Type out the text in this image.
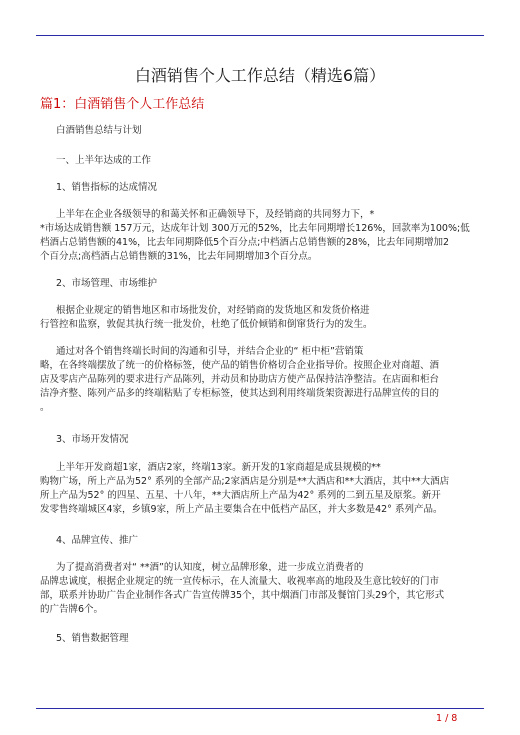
白酒销售个人工作总结（精选6篇）
篇1：白酒销售个人工作总结
白酒销售总结与计划
一、上半年达成的工作
1、销售指标的达成情况
上半年在企业各级领导的和蔼关怀和正确领导下，及经销商的共同努力下，*
*市场达成销售额 157万元，达成年计划 300万元的52%，比去年同期增长126%，回款率为100%;低
档酒占总销售额的41%，比去年同期降低5个百分点;中档酒占总销售额的28%，比去年同期增加2
个百分点;高档酒占总销售额的31%，比去年同期增加3个百分点。
2、市场管理、市场维护
根据企业规定的销售地区和市场批发价，对经销商的发货地区和发货价格进
行管控和监察，敦促其执行统一批发价，杜绝了低价倾销和倒窜货行为的发生。
通过对各个销售终端长时间的沟通和引导，并结合企业的“ 柜中柜”营销策
略，在各终端摆放了统一的价格标签，使产品的销售价格切合企业指导价。按照企业对商超、酒
店及零店产品陈列的要求进行产品陈列，并动员和协助店方使产品保持洁净整洁。在店面和柜台
洁净齐整、陈列产品多的终端粘贴了专柜标签，使其达到利用终端货架资源进行品牌宣传的目的
。
3、市场开发情况
上半年开发商超1家，酒店2家，终端13家。新开发的1家商超是成县规模的**
购物广场，所上产品为52° 系列的全部产品;2家酒店是分别是**大酒店和**大酒店，其中**大酒店
所上产品为52° 的四星、五星、十八年，**大酒店所上产品为42° 系列的二到五星及原浆。新开
发零售终端城区4家，乡镇9家，所上产品主要集合在中低档产品区，并大多数是42° 系列产品。
4、品牌宣传、推广
为了提高消费者对“ **酒”的认知度，树立品牌形象，进一步成立消费者的
品牌忠诚度，根据企业规定的统一宣传标示，在人流量大、收视率高的地段及生意比较好的门市
部，联系并协助广告企业制作各式广告宣传牌35个，其中烟酒门市部及餐馆门头29个，其它形式
的广告牌6个。
5、销售数据管理
1 / 8
